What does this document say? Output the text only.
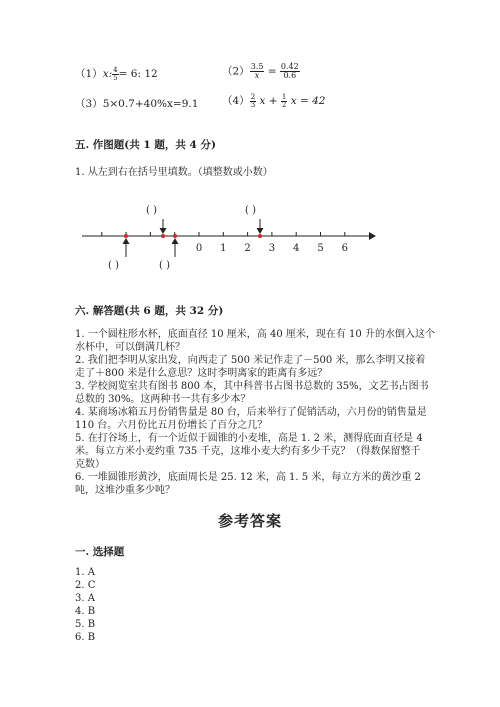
（1）x: $\frac{4}{5} = 6$: 12	$(2) \frac{3.5}{x} = \frac{0.42}{0.6}$
（3）5×0.7+40%x=9.1 $(4) \frac{2}{3}$ $x + \frac{1}{2}$ x = 42
五. 作图题(共 1 题，共 4 分)
1. 从左到右在括号里填数。（填整数或小数）
( )	( )
( )	( )
0 1 2 3 4 5 6
六. 解答题(共 6 题，共 32 分)
1. 一个圆柱形水杯，底面直径 10 厘米，高 40 厘米，现在有 10 升的水倒入这个
水杯中，可以倒满几杯？
2. 我们把李明从家出发，向西走了 500 米记作走了－500 米，那么李明又接着
走了＋800 米是什么意思？这时李明离家的距离有多远？
3. 学校阅览室共有图书 800 本，其中科普书占图书总数的 35%，文艺书占图书
总数的 30%。这两种书一共有多少本？
4. 某商场冰箱五月份销售量是 80 台，后来举行了促销活动，六月份的销售量是
110 台。六月份比五月份增长了百分之几？
5. 在打谷场上，有一个近似于圆锥的小麦堆，高是 1. 2 米，测得底面直径是 4
米。每立方米小麦约重 735 千克，这堆小麦大约有多少千克？（得数保留整千
克数）
6. 一堆圆锥形黄沙，底面周长是 25. 12 米，高 1. 5 米，每立方米的黄沙重 2
吨，这堆沙重多少吨？
参考答案
一. 选择题
1. A
2. C
3. A
4. B
5. B
6. B
